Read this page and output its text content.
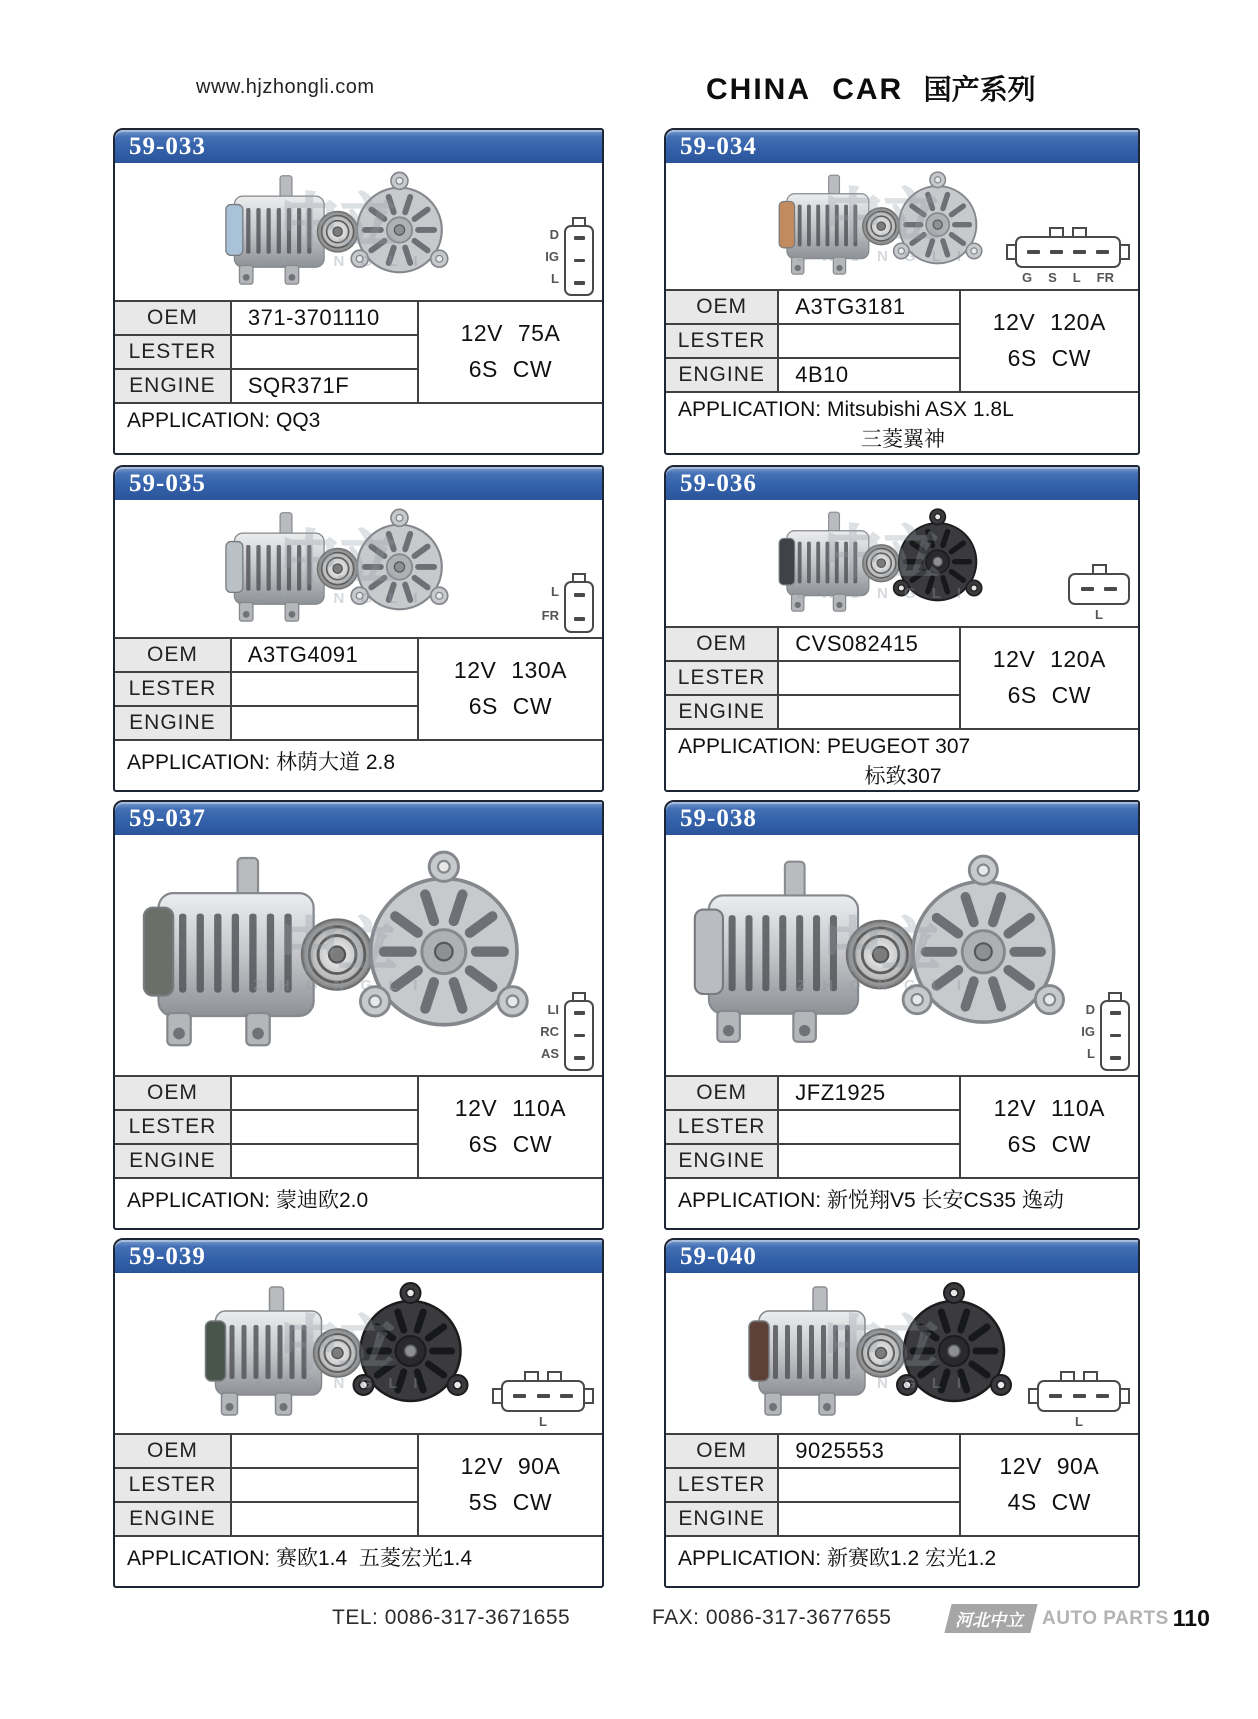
www.hjzhongli.com	CHINA CAR 国产系列
59-033
Z H O N G L I
D
IG
L
OEM	371-3701110
12V 75A
6S CW
LESTER
ENGINE	SQR371F
APPLICATION: QQ3
59-034
Z H O N G L I
G S L FR
OEM	A3TG3181
12V 120A
6S CW
LESTER
ENGINE	4B10
APPLICATION: Mitsubishi ASX 1.8L
三菱翼神
59-035
Z H O N G L I	L
FR
OEM	A3TG4091
12V 130A
6S CW
LESTER
ENGINE
APPLICATION: 林荫大道 2.8
59-036
Z H O N G L I
L
OEM	CVS082415
12V 120A
6S CW
LESTER
ENGINE
APPLICATION: PEUGEOT 307
标致307
59-037
Z H O N G L I
LI
RC
AS
OEM
12V 110A
6S CW
LESTER
ENGINE
APPLICATION: 蒙迪欧2.0
59-038
Z H O N G L I
D
IG
L
OEM	JFZ1925
12V 110A
6S CW
LESTER
ENGINE
APPLICATION: 新悦翔V5 长安CS35 逸动
59-039
Z H O N G L I
L
OEM
12V 90A
5S CW
LESTER
ENGINE
APPLICATION: 赛欧1.4  五菱宏光1.4
59-040
Z H O N G L I
L
OEM	9025553
12V 90A
4S CW
LESTER
ENGINE
APPLICATION: 新赛欧1.2 宏光1.2
TEL: 0086-317-3671655	FAX: 0086-317-3677655	河北中立 AUTO PARTS 110
